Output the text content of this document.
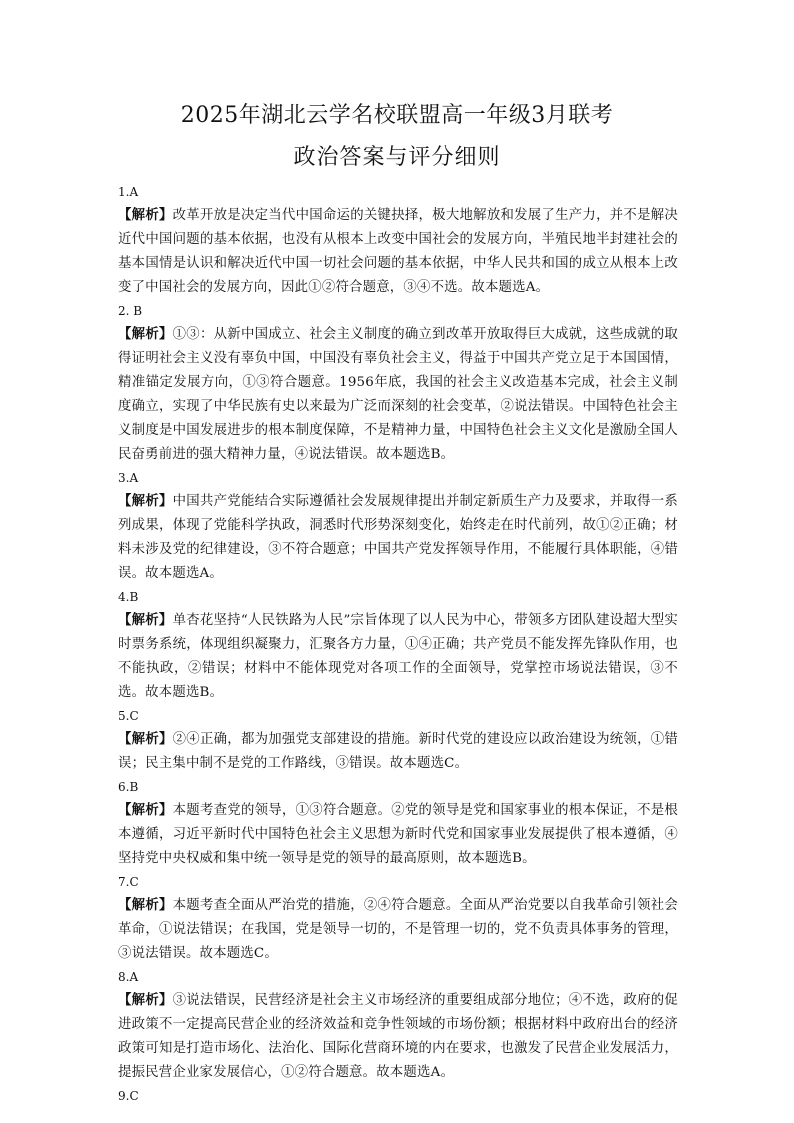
2025年湖北云学名校联盟高一年级3月联考
政治答案与评分细则
1.A

【解析】改革开放是决定当代中国命运的关键抉择，极大地解放和发展了生产力，并不是解决近代中国问题的基本依据，也没有从根本上改变中国社会的发展方向，半殖民地半封建社会的基本国情是认识和解决近代中国一切社会问题的基本依据，中华人民共和国的成立从根本上改变了中国社会的发展方向，因此①②符合题意，③④不选。故本题选A。

2. B

【解析】①③：从新中国成立、社会主义制度的确立到改革开放取得巨大成就，这些成就的取得证明社会主义没有辜负中国，中国没有辜负社会主义，得益于中国共产党立足于本国国情，精准锚定发展方向，①③符合题意。1956年底，我国的社会主义改造基本完成，社会主义制度确立，实现了中华民族有史以来最为广泛而深刻的社会变革，②说法错误。中国特色社会主义制度是中国发展进步的根本制度保障，不是精神力量，中国特色社会主义文化是激励全国人民奋勇前进的强大精神力量，④说法错误。故本题选B。

3.A

【解析】中国共产党能结合实际遵循社会发展规律提出并制定新质生产力及要求，并取得一系列成果，体现了党能科学执政，洞悉时代形势深刻变化，始终走在时代前列，故①②正确；材料未涉及党的纪律建设，③不符合题意；中国共产党发挥领导作用，不能履行具体职能，④错误。故本题选A。

4.B

【解析】单杏花坚持“人民铁路为人民”宗旨体现了以人民为中心，带领多方团队建设超大型实时票务系统，体现组织凝聚力，汇聚各方力量，①④正确；共产党员不能发挥先锋队作用，也不能执政，②错误；材料中不能体现党对各项工作的全面领导，党掌控市场说法错误，③不选。故本题选B。

5.C

【解析】②④正确，都为加强党支部建设的措施。新时代党的建设应以政治建设为统领，①错误；民主集中制不是党的工作路线，③错误。故本题选C。

6.B

【解析】本题考查党的领导，①③符合题意。②党的领导是党和国家事业的根本保证，不是根本遵循，习近平新时代中国特色社会主义思想为新时代党和国家事业发展提供了根本遵循，④坚持党中央权威和集中统一领导是党的领导的最高原则，故本题选B。

7.C

【解析】本题考查全面从严治党的措施，②④符合题意。全面从严治党要以自我革命引领社会革命，①说法错误；在我国，党是领导一切的，不是管理一切的，党不负责具体事务的管理，③说法错误。故本题选C。

8.A

【解析】③说法错误，民营经济是社会主义市场经济的重要组成部分地位；④不选，政府的促进政策不一定提高民营企业的经济效益和竞争性领域的市场份额；根据材料中政府出台的经济政策可知是打造市场化、法治化、国际化营商环境的内在要求，也激发了民营企业发展活力，提振民营企业家发展信心，①②符合题意。故本题选A。

9.C
